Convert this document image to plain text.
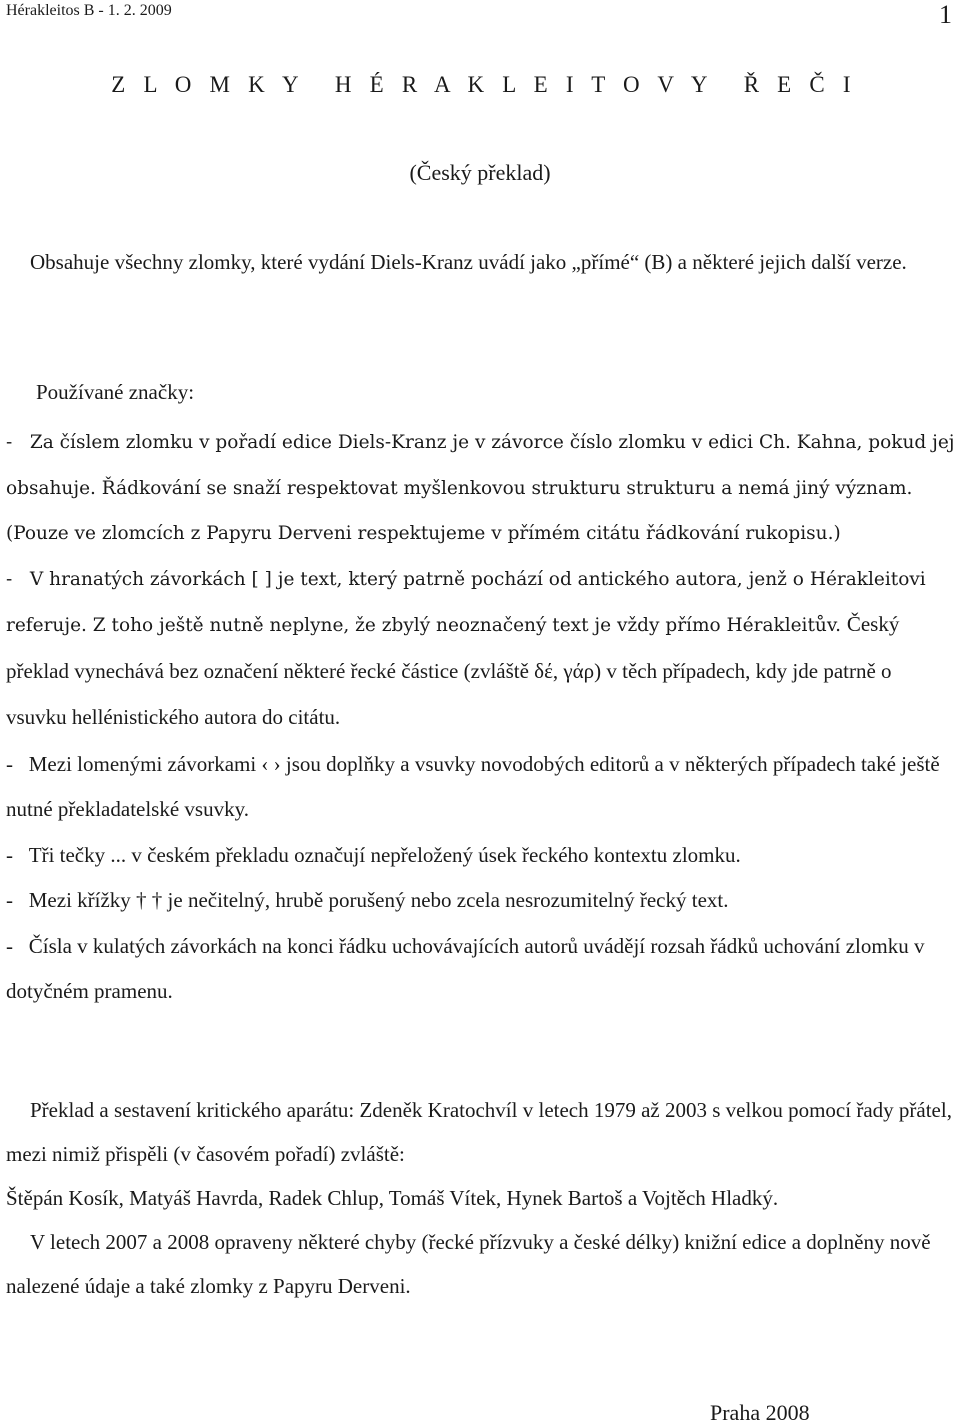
Hérakleitos B - 1. 2. 2009	1
Z L O M K Y H É R A K L E I T O V Y Ř E Č I
(Český překlad)
Obsahuje všechny zlomky, které vydání Diels-Kranz uvádí jako „přímé“ (B) a některé jejich další verze.
Používané značky:
- Za číslem zlomku v pořadí edice Diels-Kranz je v závorce číslo zlomku v edici Ch. Kahna, pokud jej obsahuje. Řádkování se snaží respektovat myšlenkovou strukturu strukturu a nemá jiný význam. (Pouze ve zlomcích z Papyru Derveni respektujeme v přímém citátu řádkování rukopisu.)
- V hranatých závorkách [ ] je text, který patrně pochází od antického autora, jenž o Hérakleitovi referuje. Z toho ještě nutně neplyne, že zbylý neoznačený text je vždy přímo Hérakleitův. Český překlad vynechává bez označení některé řecké částice (zvláště δέ, γάρ) v těch případech, kdy jde patrně o vsuvku hellénistického autora do citátu.
- Mezi lomenými závorkami ‹ › jsou doplňky a vsuvky novodobých editorů a v některých případech také ještě nutné překladatelské vsuvky.
- Tři tečky ... v českém překladu označují nepřeložený úsek řeckého kontextu zlomku.
- Mezi křížky † † je nečitelný, hrubě porušený nebo zcela nesrozumitelný řecký text.
- Čísla v kulatých závorkách na konci řádku uchovávajících autorů uvádějí rozsah řádků uchování zlomku v dotyčném pramenu.
Překlad a sestavení kritického aparátu: Zdeněk Kratochvíl v letech 1979 až 2003 s velkou pomocí řady přátel, mezi nimiž přispěli (v časovém pořadí) zvláště:
Štěpán Kosík, Matyáš Havrda, Radek Chlup, Tomáš Vítek, Hynek Bartoš a Vojtěch Hladký.
V letech 2007 a 2008 opraveny některé chyby (řecké přízvuky a české délky) knižní edice a doplněny nově nalezené údaje a také zlomky z Papyru Derveni.
Praha 2008
